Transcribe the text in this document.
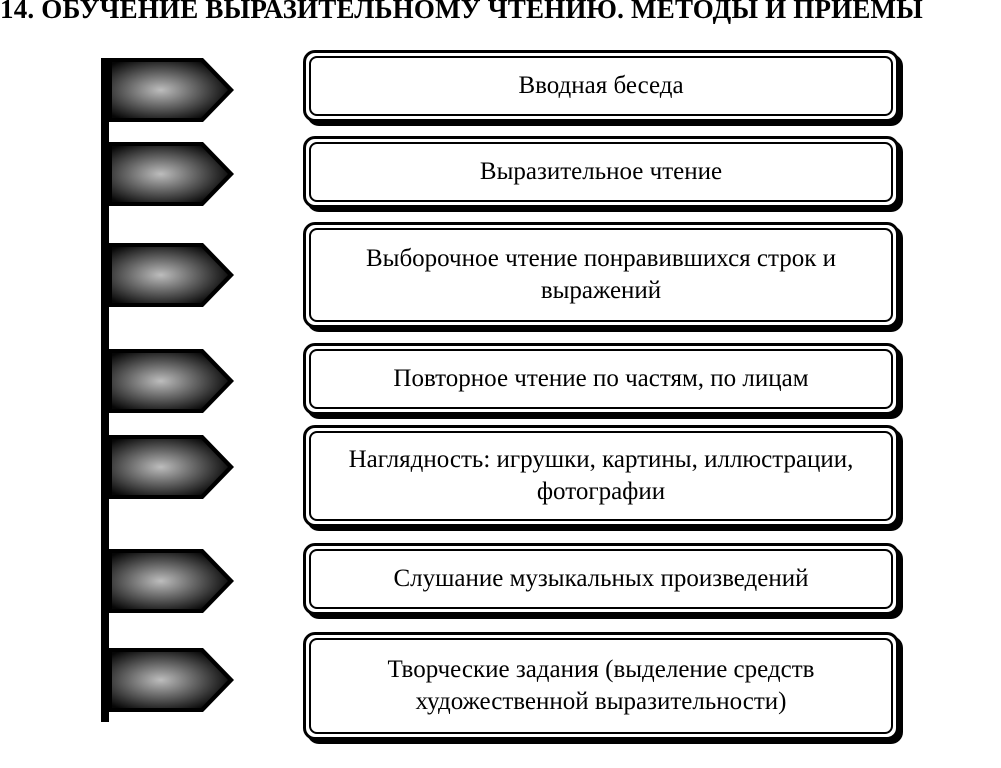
14. ОБУЧЕНИЕ ВЫРАЗИТЕЛЬНОМУ ЧТЕНИЮ. МЕТОДЫ И ПРИЕМЫ
Вводная беседа
Выразительное чтение
Выборочное чтение понравившихся строк и выражений
Повторное чтение по частям, по лицам
Наглядность: игрушки, картины, иллюстрации, фотографии
Слушание музыкальных произведений
Творческие задания (выделение средств художественной выразительности)
